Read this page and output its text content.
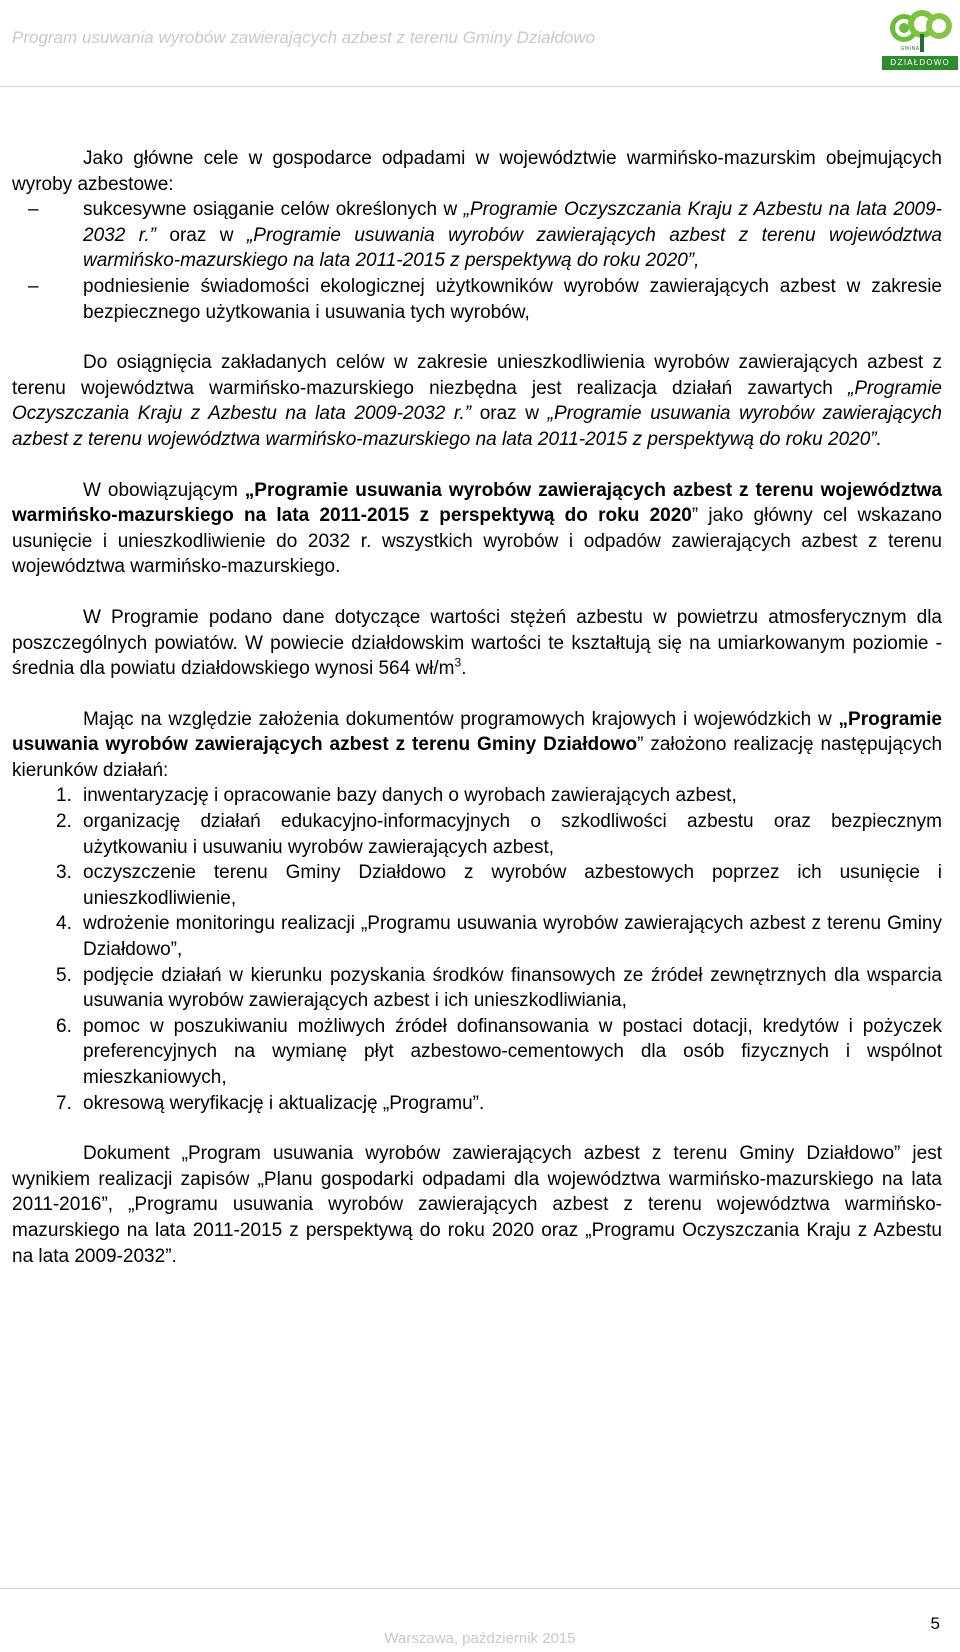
Program usuwania wyrobów zawierających azbest z terenu Gminy Działdowo
GMINA
DZIAŁDOWO

Jako główne cele w gospodarce odpadami w województwie warmińsko-mazurskim obejmujących wyroby azbestowe:

– sukcesywne osiąganie celów określonych w „Programie Oczyszczania Kraju z Azbestu na lata 2009-2032 r.” oraz w „Programie usuwania wyrobów zawierających azbest z terenu województwa warmińsko-mazurskiego na lata 2011-2015 z perspektywą do roku 2020”,
– podniesienie świadomości ekologicznej użytkowników wyrobów zawierających azbest w zakresie bezpiecznego użytkowania i usuwania tych wyrobów,

Do osiągnięcia zakładanych celów w zakresie unieszkodliwienia wyrobów zawierających azbest z terenu województwa warmińsko-mazurskiego niezbędna jest realizacja działań zawartych „Programie Oczyszczania Kraju z Azbestu na lata 2009-2032 r.” oraz w „Programie usuwania wyrobów zawierających azbest z terenu województwa warmińsko-mazurskiego na lata 2011-2015 z perspektywą do roku 2020”.

W obowiązującym „Programie usuwania wyrobów zawierających azbest z terenu województwa warmińsko-mazurskiego na lata 2011-2015 z perspektywą do roku 2020” jako główny cel wskazano usunięcie i unieszkodliwienie do 2032 r. wszystkich wyrobów i odpadów zawierających azbest z terenu województwa warmińsko-mazurskiego.

W Programie podano dane dotyczące wartości stężeń azbestu w powietrzu atmosferycznym dla poszczególnych powiatów. W powiecie działdowskim wartości te kształtują się na umiarkowanym poziomie - średnia dla powiatu działdowskiego wynosi 564 $wł/m^3$.

Mając na względzie założenia dokumentów programowych krajowych i wojewódzkich w „Programie usuwania wyrobów zawierających azbest z terenu Gminy Działdowo” założono realizację następujących kierunków działań:

1. inwentaryzację i opracowanie bazy danych o wyrobach zawierających azbest,
2. organizację działań edukacyjno-informacyjnych o szkodliwości azbestu oraz bezpiecznym użytkowaniu i usuwaniu wyrobów zawierających azbest,
3. oczyszczenie terenu Gminy Działdowo z wyrobów azbestowych poprzez ich usunięcie i unieszkodliwienie,
4. wdrożenie monitoringu realizacji „Programu usuwania wyrobów zawierających azbest z terenu Gminy Działdowo”,
5. podjęcie działań w kierunku pozyskania środków finansowych ze źródeł zewnętrznych dla wsparcia usuwania wyrobów zawierających azbest i ich unieszkodliwiania,
6. pomoc w poszukiwaniu możliwych źródeł dofinansowania w postaci dotacji, kredytów i pożyczek preferencyjnych na wymianę płyt azbestowo-cementowych dla osób fizycznych i wspólnot mieszkaniowych,
7. okresową weryfikację i aktualizację „Programu”.

Dokument „Program usuwania wyrobów zawierających azbest z terenu Gminy Działdowo” jest wynikiem realizacji zapisów „Planu gospodarki odpadami dla województwa warmińsko-mazurskiego na lata 2011-2016”, „Programu usuwania wyrobów zawierających azbest z terenu województwa warmińsko-mazurskiego na lata 2011-2015 z perspektywą do roku 2020 oraz „Programu Oczyszczania Kraju z Azbestu na lata 2009-2032”.

5
Warszawa, październik 2015
